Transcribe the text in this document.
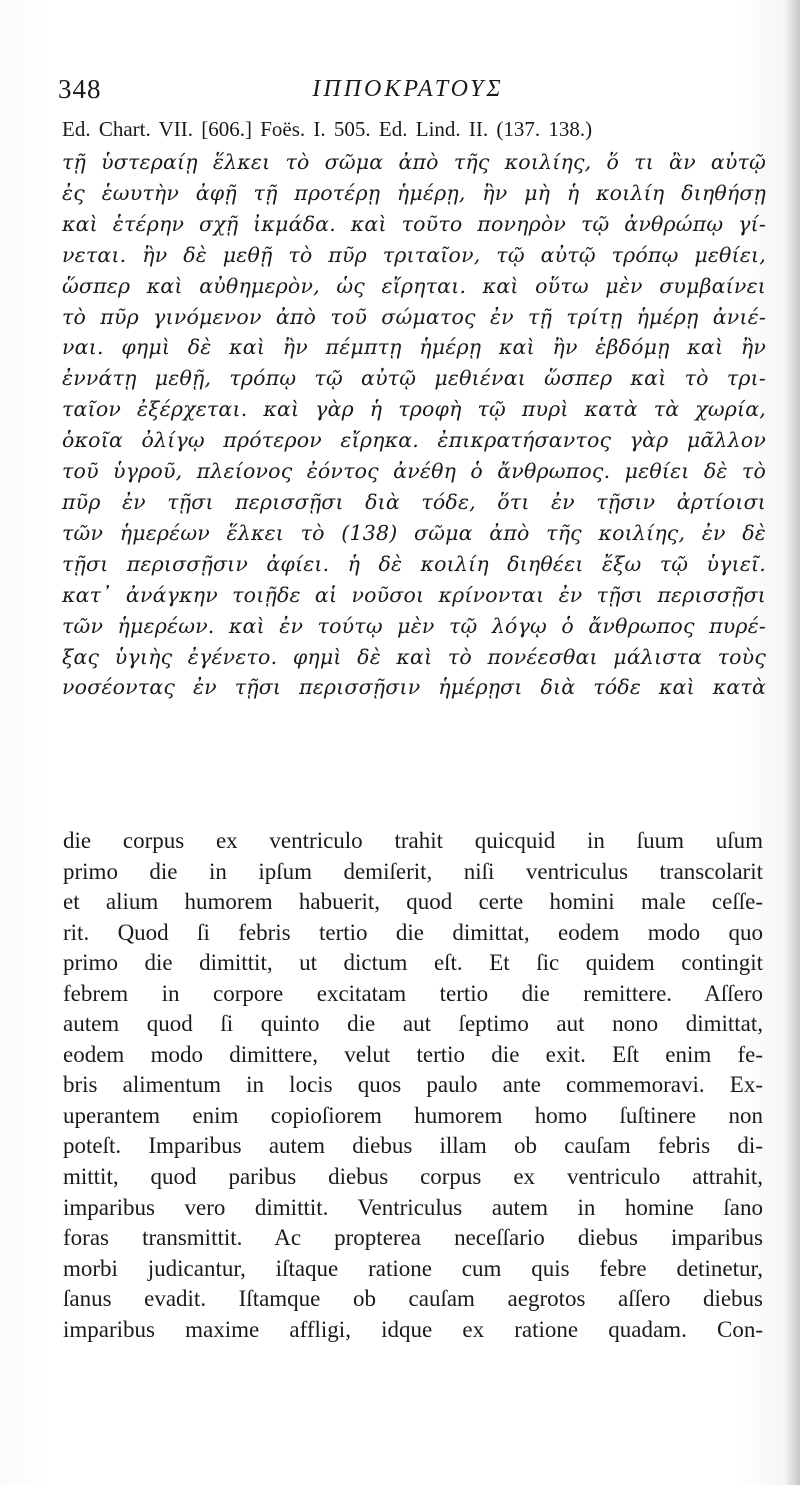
348	ΙΠΠΟΚΡΑΤΟΥΣ
Ed. Chart. VII. [606.] Foës. I. 505. Ed. Lind. II. (137. 138.)
τῇ ὑστεραίῃ ἕλκει τὸ σῶμα ἀπὸ τῆς κοιλίης, ὅ τι ἂν αὐτῷ
ἐς ἑωυτὴν ἀφῇ τῇ προτέρῃ ἡμέρῃ, ἢν μὴ ἡ κοιλίη διηθήσῃ
καὶ ἑτέρην σχῇ ἰκμάδα. καὶ τοῦτο πονηρὸν τῷ ἀνθρώπῳ γί-
νεται. ἢν δὲ μεθῇ τὸ πῦρ τριταῖον, τῷ αὐτῷ τρόπῳ μεθίει,
ὥσπερ καὶ αὐθημερὸν, ὡς εἴρηται. καὶ οὕτω μὲν συμβαίνει
τὸ πῦρ γινόμενον ἀπὸ τοῦ σώματος ἐν τῇ τρίτῃ ἡμέρῃ ἀνιέ-
ναι. φημὶ δὲ καὶ ἢν πέμπτῃ ἡμέρῃ καὶ ἢν ἑβδόμῃ καὶ ἢν
ἐννάτῃ μεθῇ, τρόπῳ τῷ αὐτῷ μεθιέναι ὥσπερ καὶ τὸ τρι-
ταῖον ἐξέρχεται. καὶ γὰρ ἡ τροφὴ τῷ πυρὶ κατὰ τὰ χωρία,
ὁκοῖα ὀλίγῳ πρότερον εἴρηκα. ἐπικρατήσαντος γὰρ μᾶλλον
τοῦ ὑγροῦ, πλείονος ἐόντος ἀνέθη ὁ ἄνθρωπος. μεθίει δὲ τὸ
πῦρ ἐν τῇσι περισσῇσι διὰ τόδε, ὅτι ἐν τῇσιν ἀρτίοισι
τῶν ἡμερέων ἕλκει τὸ (138) σῶμα ἀπὸ τῆς κοιλίης, ἐν δὲ
τῇσι περισσῇσιν ἀφίει. ἡ δὲ κοιλίη διηθέει ἔξω τῷ ὑγιεῖ.
κατ᾽ ἀνάγκην τοιῇδε αἱ νοῦσοι κρίνονται ἐν τῇσι περισσῇσι
τῶν ἡμερέων. καὶ ἐν τούτῳ μὲν τῷ λόγῳ ὁ ἄνθρωπος πυρέ-
ξας ὑγιὴς ἐγένετο. φημὶ δὲ καὶ τὸ πονέεσθαι μάλιστα τοὺς
νοσέοντας ἐν τῇσι περισσῇσιν ἡμέρῃσι διὰ τόδε καὶ κατὰ
die corpus ex ventriculo trahit quicquid in ſuum uſum
primo die in ipſum demiſerit, niſi ventriculus transcolarit
et alium humorem habuerit, quod certe homini male ceſſe-
rit. Quod ſi febris tertio die dimittat, eodem modo quo
primo die dimittit, ut dictum eſt. Et ſic quidem contingit
febrem in corpore excitatam tertio die remittere. Aſſero
autem quod ſi quinto die aut ſeptimo aut nono dimittat,
eodem modo dimittere, velut tertio die exit. Eſt enim fe-
bris alimentum in locis quos paulo ante commemoravi. Ex-
uperantem enim copioſiorem humorem homo ſuſtinere non
poteſt. Imparibus autem diebus illam ob cauſam febris di-
mittit, quod paribus diebus corpus ex ventriculo attrahit,
imparibus vero dimittit. Ventriculus autem in homine ſano
foras transmittit. Ac propterea neceſſario diebus imparibus
morbi judicantur, iſtaque ratione cum quis febre detinetur,
ſanus evadit. Iſtamque ob cauſam aegrotos aſſero diebus
imparibus maxime affligi, idque ex ratione quadam. Con-
